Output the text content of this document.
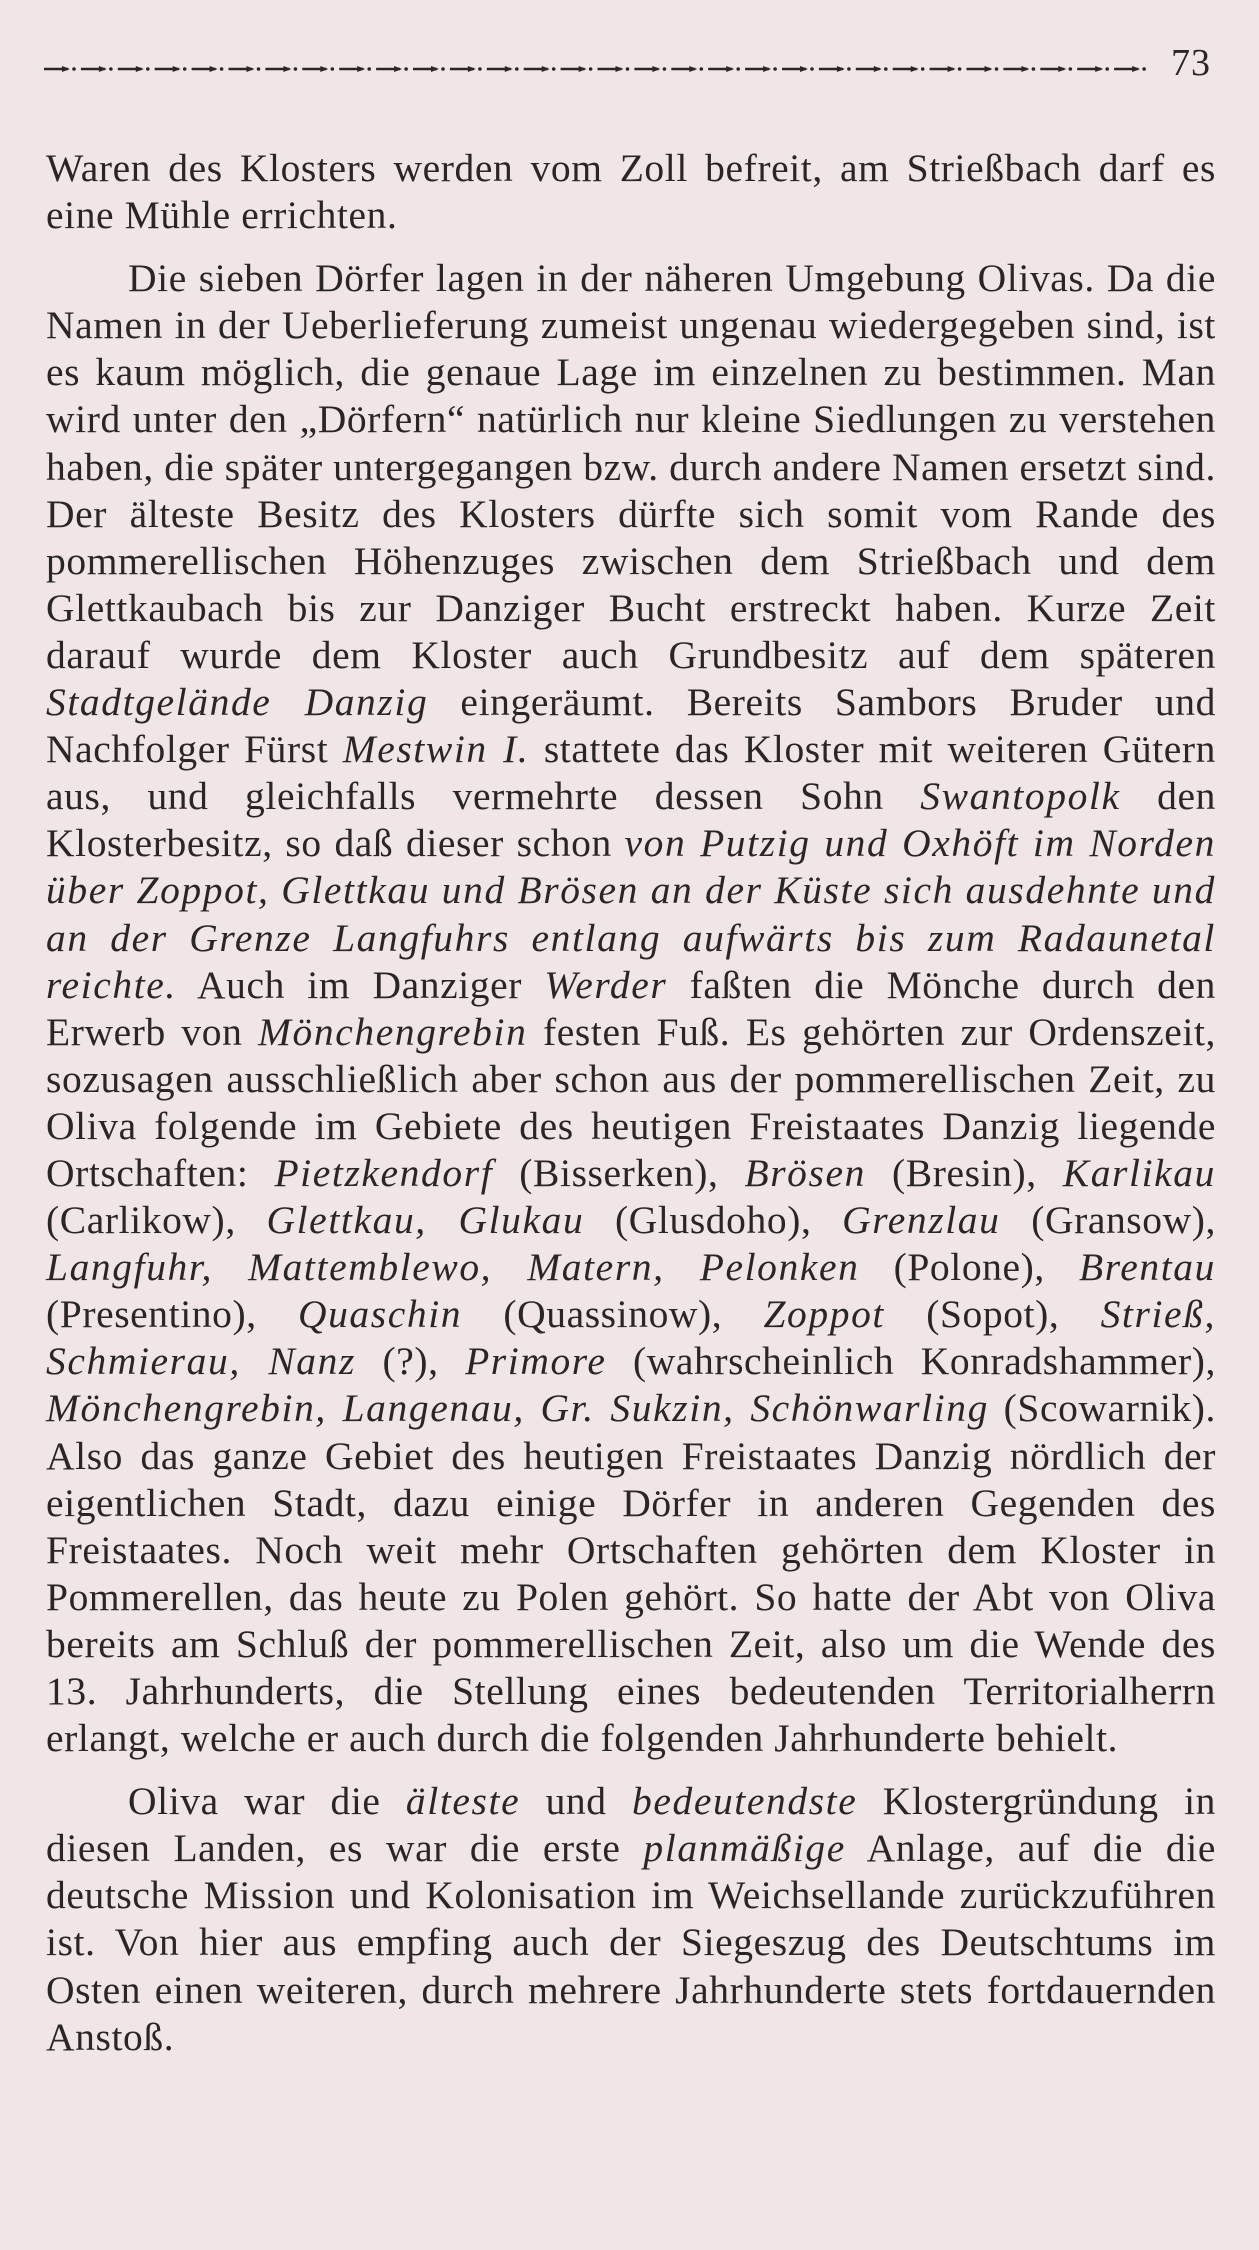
73

Waren des Klosters werden vom Zoll befreit, am Strießbach darf es eine Mühle errichten.

Die sieben Dörfer lagen in der näheren Umgebung Olivas. Da die Namen in der Ueberlieferung zumeist ungenau wiedergegeben sind, ist es kaum möglich, die genaue Lage im einzelnen zu bestimmen. Man wird unter den „Dörfern“ natürlich nur kleine Siedlungen zu verstehen haben, die später untergegangen bzw. durch andere Namen ersetzt sind. Der älteste Besitz des Klosters dürfte sich somit vom Rande des pommerellischen Höhenzuges zwischen dem Strießbach und dem Glettkaubach bis zur Danziger Bucht erstreckt haben. Kurze Zeit darauf wurde dem Kloster auch Grundbesitz auf dem späteren Stadtgelände Danzig eingeräumt. Bereits Sambors Bruder und Nachfolger Fürst Mestwin I. stattete das Kloster mit weiteren Gütern aus, und gleichfalls vermehrte dessen Sohn Swantopolk den Klosterbesitz, so daß dieser schon von Putzig und Oxhöft im Norden über Zoppot, Glettkau und Brösen an der Küste sich ausdehnte und an der Grenze Langfuhrs entlang aufwärts bis zum Radaunetal reichte. Auch im Danziger Werder faßten die Mönche durch den Erwerb von Mönchengrebin festen Fuß. Es gehörten zur Ordenszeit, sozusagen ausschließlich aber schon aus der pommerellischen Zeit, zu Oliva folgende im Gebiete des heutigen Freistaates Danzig liegende Ortschaften: Pietzkendorf (Bisserken), Brösen (Bresin), Karlikau (Carlikow), Glettkau, Glukau (Glusdoho), Grenzlau (Gransow), Langfuhr, Mattemblewo, Matern, Pelonken (Polone), Brentau (Presentino), Quaschin (Quassinow), Zoppot (Sopot), Strieß, Schmierau, Nanz (?), Primore (wahrscheinlich Konradshammer), Mönchengrebin, Langenau, Gr. Sukzin, Schönwarling (Scowarnik). Also das ganze Gebiet des heutigen Freistaates Danzig nördlich der eigentlichen Stadt, dazu einige Dörfer in anderen Gegenden des Freistaates. Noch weit mehr Ortschaften gehörten dem Kloster in Pommerellen, das heute zu Polen gehört. So hatte der Abt von Oliva bereits am Schluß der pommerellischen Zeit, also um die Wende des 13. Jahrhunderts, die Stellung eines bedeutenden Territorialherrn erlangt, welche er auch durch die folgenden Jahrhunderte behielt.

Oliva war die älteste und bedeutendste Klostergründung in diesen Landen, es war die erste planmäßige Anlage, auf die die deutsche Mission und Kolonisation im Weichsellande zurückzuführen ist. Von hier aus empfing auch der Siegeszug des Deutschtums im Osten einen weiteren, durch mehrere Jahrhunderte stets fortdauernden Anstoß.
